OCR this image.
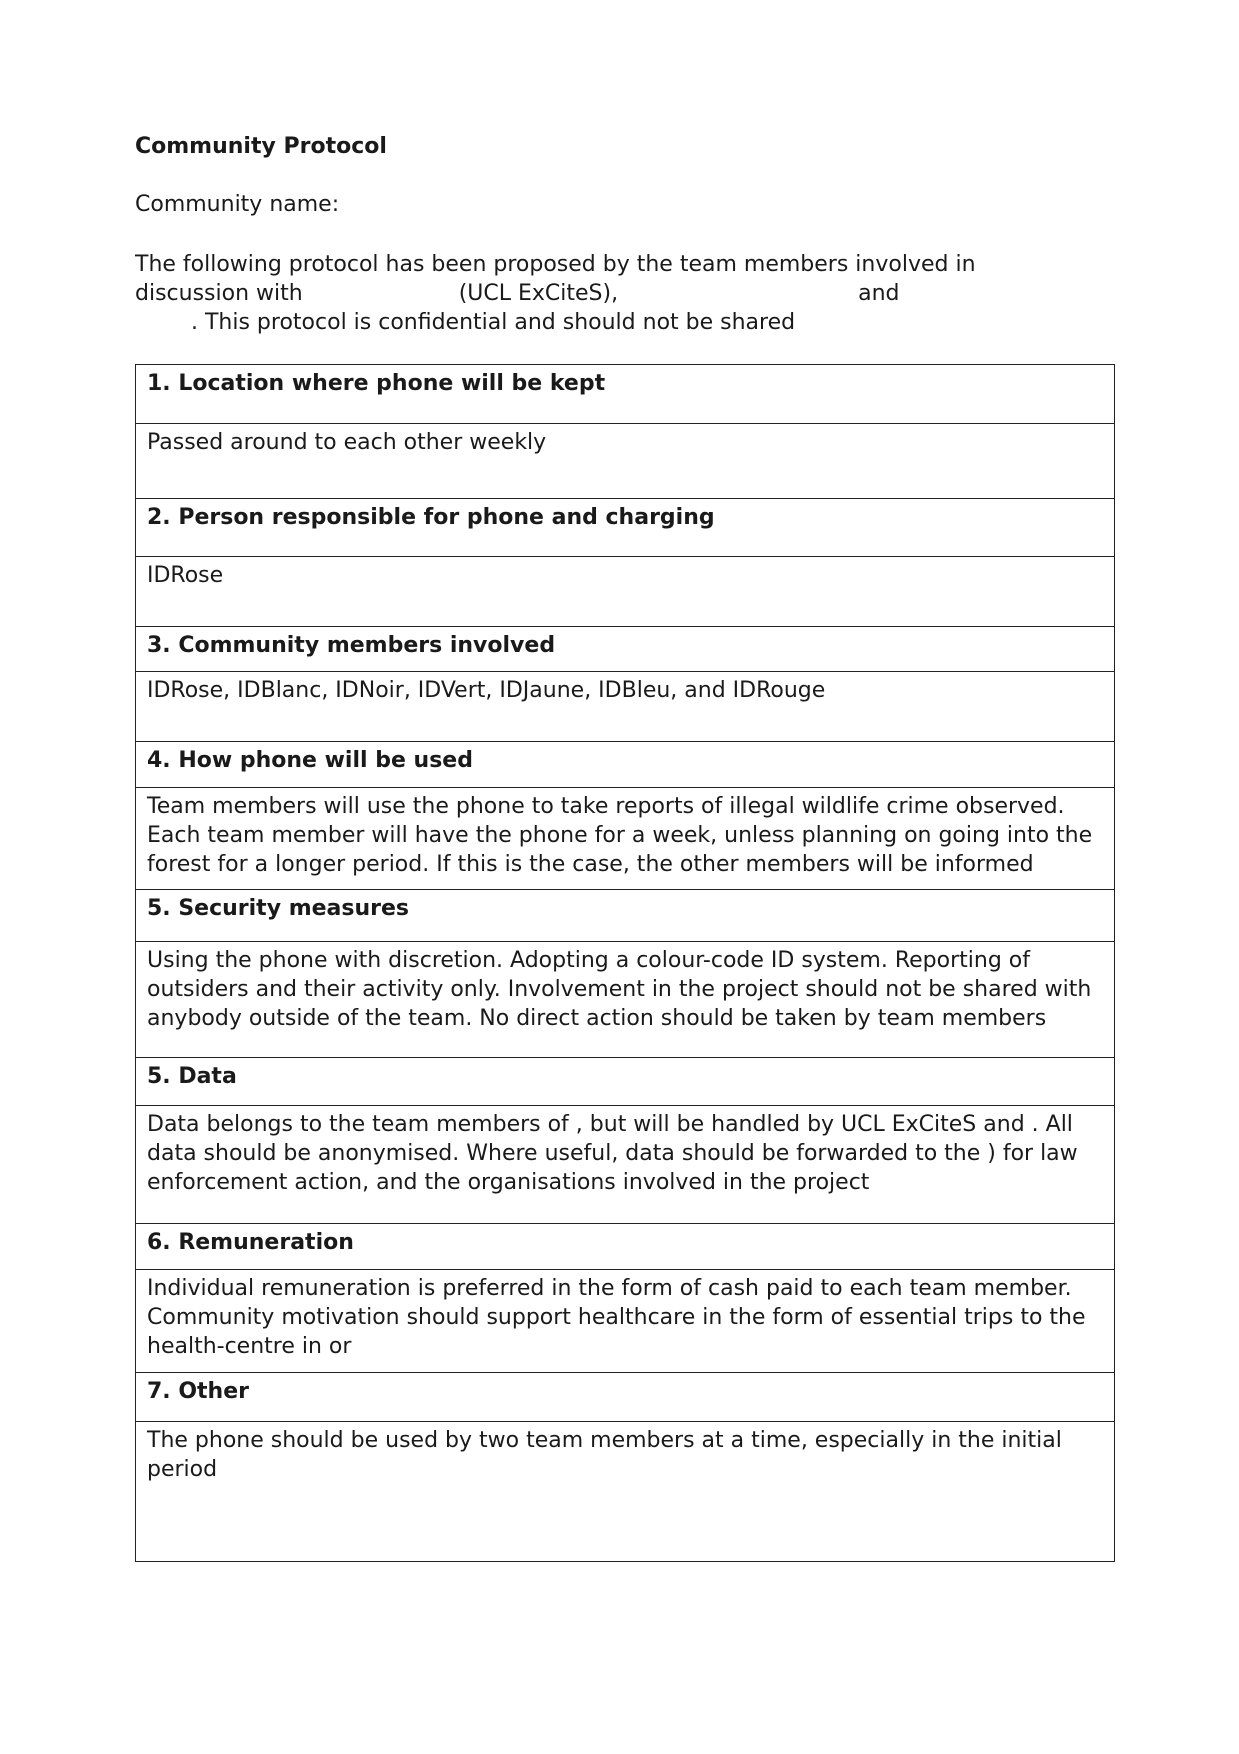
Community Protocol
Community name:
The following protocol has been proposed by the team members involved in
discussion with	(UCL ExCiteS),	and
. This protocol is confidential and should not be shared
1. Location where phone will be kept
Passed around to each other weekly
2. Person responsible for phone and charging
IDRose
3. Community members involved
IDRose, IDBlanc, IDNoir, IDVert, IDJaune, IDBleu, and IDRouge
4. How phone will be used
Team members will use the phone to take reports of illegal wildlife crime observed. Each team member will have the phone for a week, unless planning on going into the forest for a longer period. If this is the case, the other members will be informed
5. Security measures
Using the phone with discretion. Adopting a colour-code ID system. Reporting of outsiders and their activity only. Involvement in the project should not be shared with anybody outside of the team. No direct action should be taken by team members
5. Data
Data belongs to the team members of , but will be handled by UCL ExCiteS and . All data should be anonymised. Where useful, data should be forwarded to the ) for law enforcement action, and the organisations involved in the project
6. Remuneration
Individual remuneration is preferred in the form of cash paid to each team member. Community motivation should support healthcare in the form of essential trips to the health-centre in or
7. Other
The phone should be used by two team members at a time, especially in the initial period
